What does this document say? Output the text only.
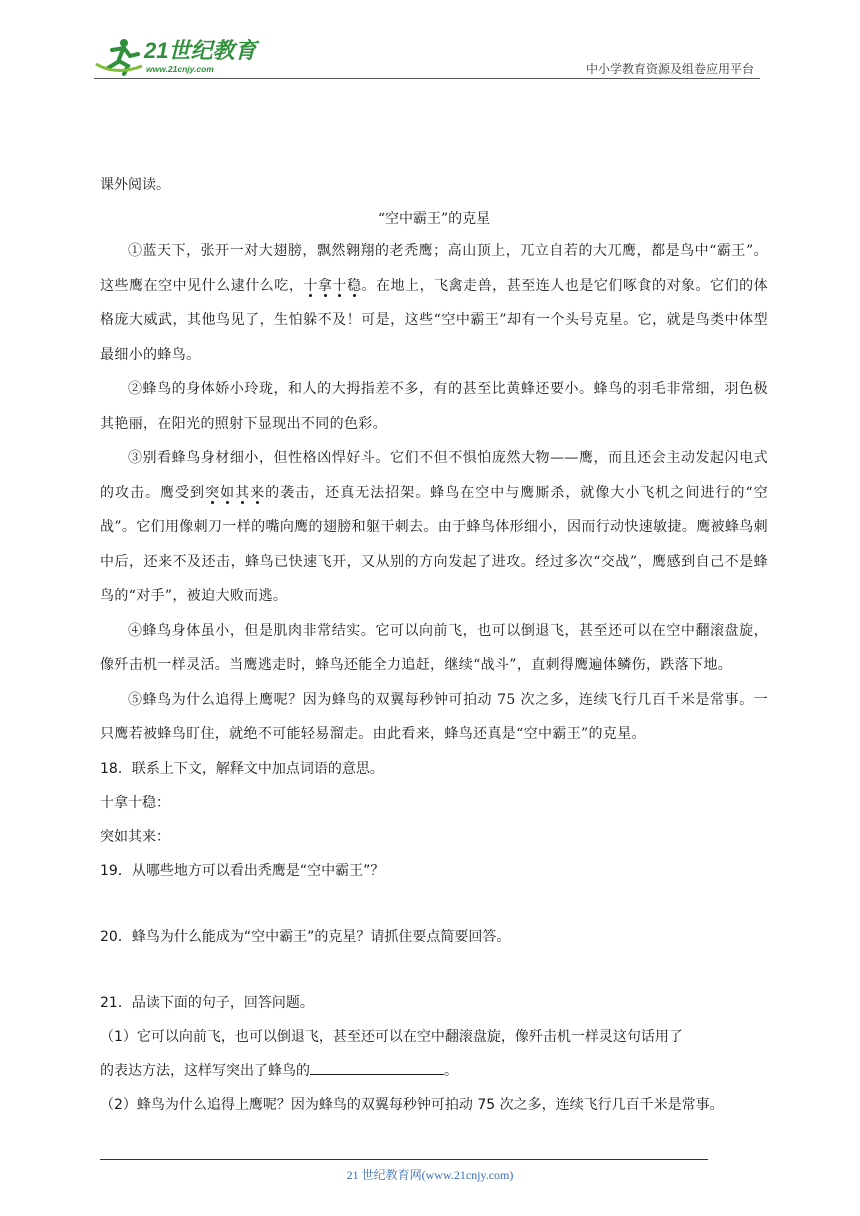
21世纪教育
www.21cnjy.com	中小学教育资源及组卷应用平台

课外阅读。

“空中霸王”的克星

①蓝天下，张开一对大翅膀，飘然翱翔的老秃鹰；高山顶上，兀立自若的大兀鹰，都是鸟中“霸王”。这些鹰在空中见什么逮什么吃，十拿十稳。在地上，飞禽走兽，甚至连人也是它们啄食的对象。它们的体格庞大威武，其他鸟见了，生怕躲不及！可是，这些“空中霸王”却有一个头号克星。它，就是鸟类中体型最细小的蜂鸟。

②蜂鸟的身体娇小玲珑，和人的大拇指差不多，有的甚至比黄蜂还要小。蜂鸟的羽毛非常细，羽色极其艳丽，在阳光的照射下显现出不同的色彩。

③别看蜂鸟身材细小，但性格凶悍好斗。它们不但不惧怕庞然大物——鹰，而且还会主动发起闪电式的攻击。鹰受到突如其来的袭击，还真无法招架。蜂鸟在空中与鹰厮杀，就像大小飞机之间进行的“空战”。它们用像刺刀一样的嘴向鹰的翅膀和躯干刺去。由于蜂鸟体形细小，因而行动快速敏捷。鹰被蜂鸟刺中后，还来不及还击，蜂鸟已快速飞开，又从别的方向发起了进攻。经过多次“交战”，鹰感到自己不是蜂鸟的“对手”，被迫大败而逃。

④蜂鸟身体虽小，但是肌肉非常结实。它可以向前飞，也可以倒退飞，甚至还可以在空中翻滚盘旋，像歼击机一样灵活。当鹰逃走时，蜂鸟还能全力追赶，继续“战斗”，直刺得鹰遍体鳞伤，跌落下地。

⑤蜂鸟为什么追得上鹰呢？因为蜂鸟的双翼每秒钟可拍动 75 次之多，连续飞行几百千米是常事。一只鹰若被蜂鸟盯住，就绝不可能轻易溜走。由此看来，蜂鸟还真是“空中霸王”的克星。

18．联系上下文，解释文中加点词语的意思。

十拿十稳：

突如其来：

19．从哪些地方可以看出秃鹰是“空中霸王”？

20．蜂鸟为什么能成为“空中霸王”的克星？请抓住要点简要回答。

21．品读下面的句子，回答问题。

（1）它可以向前飞，也可以倒退飞，甚至还可以在空中翻滚盘旋，像歼击机一样灵这句话用了

的表达方法，这样写突出了蜂鸟的	。

（2）蜂鸟为什么追得上鹰呢？因为蜂鸟的双翼每秒钟可拍动 75 次之多，连续飞行几百千米是常事。

21 世纪教育网(www.21cnjy.com)
